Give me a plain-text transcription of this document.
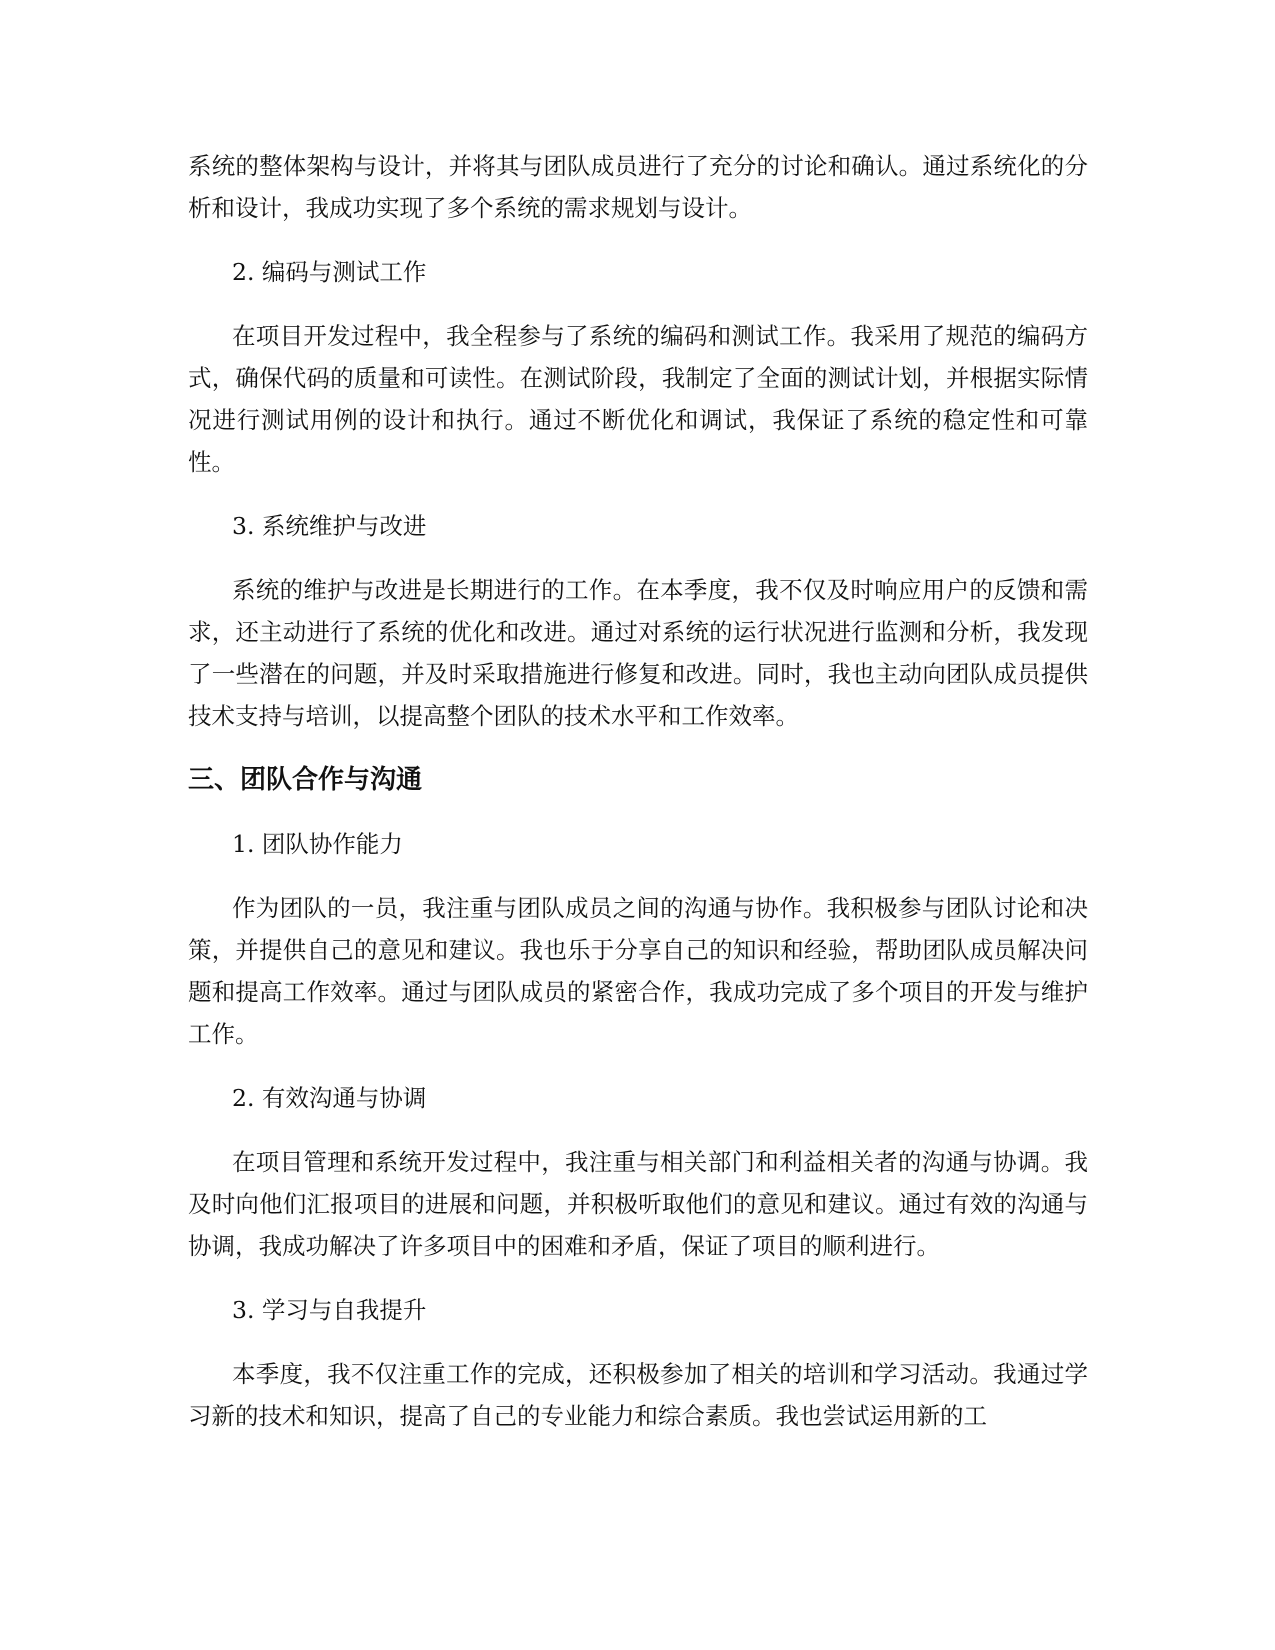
系统的整体架构与设计，并将其与团队成员进行了充分的讨论和确认。通过系统化的分析和设计，我成功实现了多个系统的需求规划与设计。

2. 编码与测试工作

在项目开发过程中，我全程参与了系统的编码和测试工作。我采用了规范的编码方式，确保代码的质量和可读性。在测试阶段，我制定了全面的测试计划，并根据实际情况进行测试用例的设计和执行。通过不断优化和调试，我保证了系统的稳定性和可靠性。

3. 系统维护与改进

系统的维护与改进是长期进行的工作。在本季度，我不仅及时响应用户的反馈和需求，还主动进行了系统的优化和改进。通过对系统的运行状况进行监测和分析，我发现了一些潜在的问题，并及时采取措施进行修复和改进。同时，我也主动向团队成员提供技术支持与培训，以提高整个团队的技术水平和工作效率。

三、团队合作与沟通

1. 团队协作能力

作为团队的一员，我注重与团队成员之间的沟通与协作。我积极参与团队讨论和决策，并提供自己的意见和建议。我也乐于分享自己的知识和经验，帮助团队成员解决问题和提高工作效率。通过与团队成员的紧密合作，我成功完成了多个项目的开发与维护工作。

2. 有效沟通与协调

在项目管理和系统开发过程中，我注重与相关部门和利益相关者的沟通与协调。我及时向他们汇报项目的进展和问题，并积极听取他们的意见和建议。通过有效的沟通与协调，我成功解决了许多项目中的困难和矛盾，保证了项目的顺利进行。

3. 学习与自我提升

本季度，我不仅注重工作的完成，还积极参加了相关的培训和学习活动。我通过学习新的技术和知识，提高了自己的专业能力和综合素质。我也尝试运用新的工
